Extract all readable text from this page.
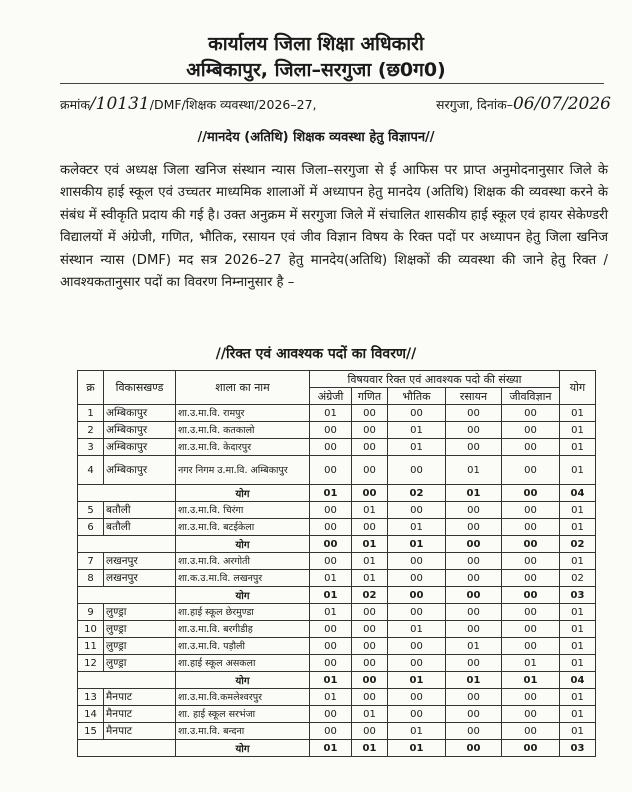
कार्यालय जिला शिक्षा अधिकारी
अम्बिकापुर, जिला–सरगुजा (छ0ग0)
क्रमांक/10131/DMF/शिक्षक व्यवस्था/2026–27,	सरगुजा, दिनांक–06/07/2026
//मानदेय (अतिथि) शिक्षक व्यवस्था हेतु विज्ञापन//
कलेक्टर एवं अध्यक्ष जिला खनिज संस्थान न्यास जिला–सरगुजा से ई आफिस पर प्राप्त अनुमोदनानुसार जिले के शासकीय हाई स्कूल एवं उच्चतर माध्यमिक शालाओं में अध्यापन हेतु मानदेय (अतिथि) शिक्षक की व्यवस्था करने के संबंध में स्वीकृति प्रदाय की गई है। उक्त अनुक्रम में सरगुजा जिले में संचालित शासकीय हाई स्कूल एवं हायर सेकेण्डरी विद्यालयों में अंग्रेजी, गणित, भौतिक, रसायन एवं जीव विज्ञान विषय के रिक्त पदों पर अध्यापन हेतु जिला खनिज संस्थान न्यास (DMF) मद सत्र 2026–27 हेतु मानदेय(अतिथि) शिक्षकों की व्यवस्था की जाने हेतु रिक्त / आवश्यकतानुसार पदों का विवरण निम्नानुसार है –
//रिक्त एवं आवश्यक पदों का विवरण//
क्र	विकासखण्ड	शाला का नाम	विषयवार रिक्त एवं आवश्यक पदो की संख्या					योग
			अंग्रेजी	गणित	भौतिक	रसायन	जीवविज्ञान	
1	अम्बिकापुर	शा.उ.मा.वि. रामपुर	01	00	00	00	00	01
2	अम्बिकापुर	शा.उ.मा.वि. कतकालो	00	00	01	00	00	01
3	अम्बिकापुर	शा.उ.मा.वि. केदारपुर	00	00	01	00	00	01
4	अम्बिकापुर	नगर निगम उ.मा.वि. अम्बिकापुर	00	00	00	01	00	01
		योग	01	00	02	01	00	04
5	बतौली	शा.उ.मा.वि. चिरंगा	00	01	00	00	00	01
6	बतौली	शा.उ.मा.वि. बटईकेला	00	00	01	00	00	01
		योग	00	01	01	00	00	02
7	लखनपुर	शा.उ.मा.वि. अरगोती	00	01	00	00	00	01
8	लखनपुर	शा.क.उ.मा.वि. लखनपुर	01	01	00	00	00	02
		योग	01	02	00	00	00	03
9	लुण्ड्रा	शा.हाई स्कूल छेरमुण्डा	01	00	00	00	00	01
10	लुण्ड्रा	शा.उ.मा.वि. बरगीडीह	00	00	01	00	00	01
11	लुण्ड्रा	शा.उ.मा.वि. पड़ौली	00	00	00	01	00	01
12	लुण्ड्रा	शा.हाई स्कूल असकला	00	00	00	00	01	01
		योग	01	00	01	01	01	04
13	मैनपाट	शा.उ.मा.वि.कमलेश्वरपुर	01	00	00	00	00	01
14	मैनपाट	शा. हाई स्कूल सरभंजा	00	01	00	00	00	01
15	मैनपाट	शा.उ.मा.वि. बन्दना	00	00	01	00	00	01
		योग	01	01	01	00	00	03
